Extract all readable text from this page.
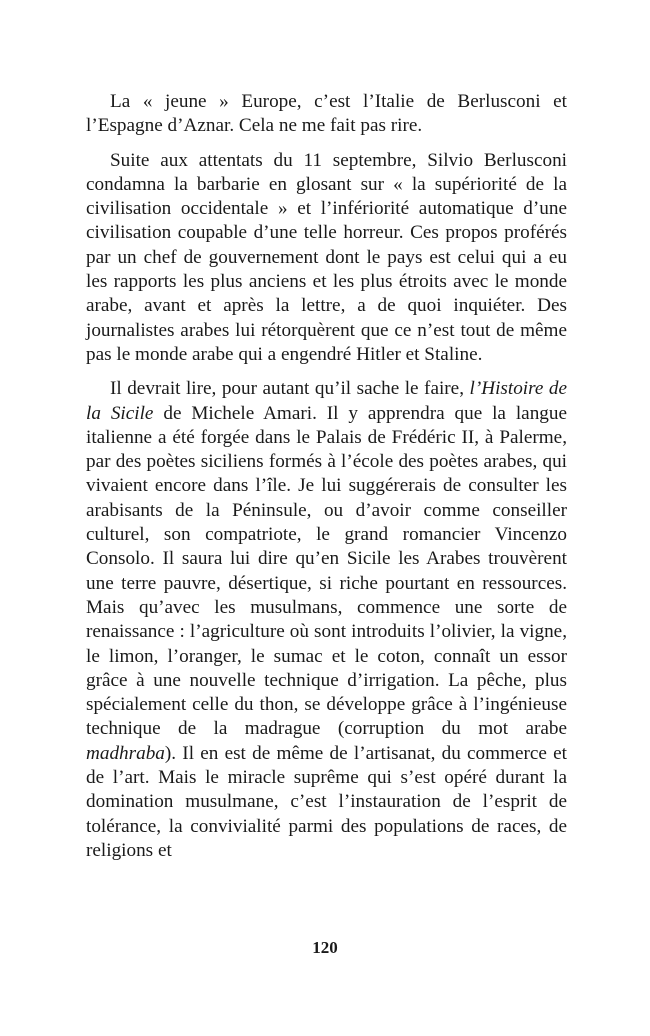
La « jeune » Europe, c’est l’Italie de Berlusconi et l’Espagne d’Aznar. Cela ne me fait pas rire.

Suite aux attentats du 11 septembre, Silvio Berlusconi condamna la barbarie en glosant sur « la supériorité de la civilisation occidentale » et l’infériorité automatique d’une civilisation coupable d’une telle horreur. Ces propos proférés par un chef de gouvernement dont le pays est celui qui a eu les rapports les plus anciens et les plus étroits avec le monde arabe, avant et après la lettre, a de quoi inquiéter. Des journalistes arabes lui rétorquèrent que ce n’est tout de même pas le monde arabe qui a engendré Hitler et Staline.

Il devrait lire, pour autant qu’il sache le faire, l’Histoire de la Sicile de Michele Amari. Il y apprendra que la langue italienne a été forgée dans le Palais de Frédéric II, à Palerme, par des poètes siciliens formés à l’école des poètes arabes, qui vivaient encore dans l’île. Je lui suggérerais de consulter les arabisants de la Péninsule, ou d’avoir comme conseiller culturel, son compatriote, le grand romancier Vincenzo Consolo. Il saura lui dire qu’en Sicile les Arabes trouvèrent une terre pauvre, désertique, si riche pourtant en ressources. Mais qu’avec les musulmans, commence une sorte de renaissance : l’agriculture où sont introduits l’olivier, la vigne, le limon, l’oranger, le sumac et le coton, connaît un essor grâce à une nouvelle technique d’irrigation. La pêche, plus spécialement celle du thon, se développe grâce à l’ingénieuse technique de la madrague (corruption du mot arabe madhraba). Il en est de même de l’artisanat, du commerce et de l’art. Mais le miracle suprême qui s’est opéré durant la domination musulmane, c’est l’instauration de l’esprit de tolérance, la convivialité parmi des populations de races, de religions et

120
